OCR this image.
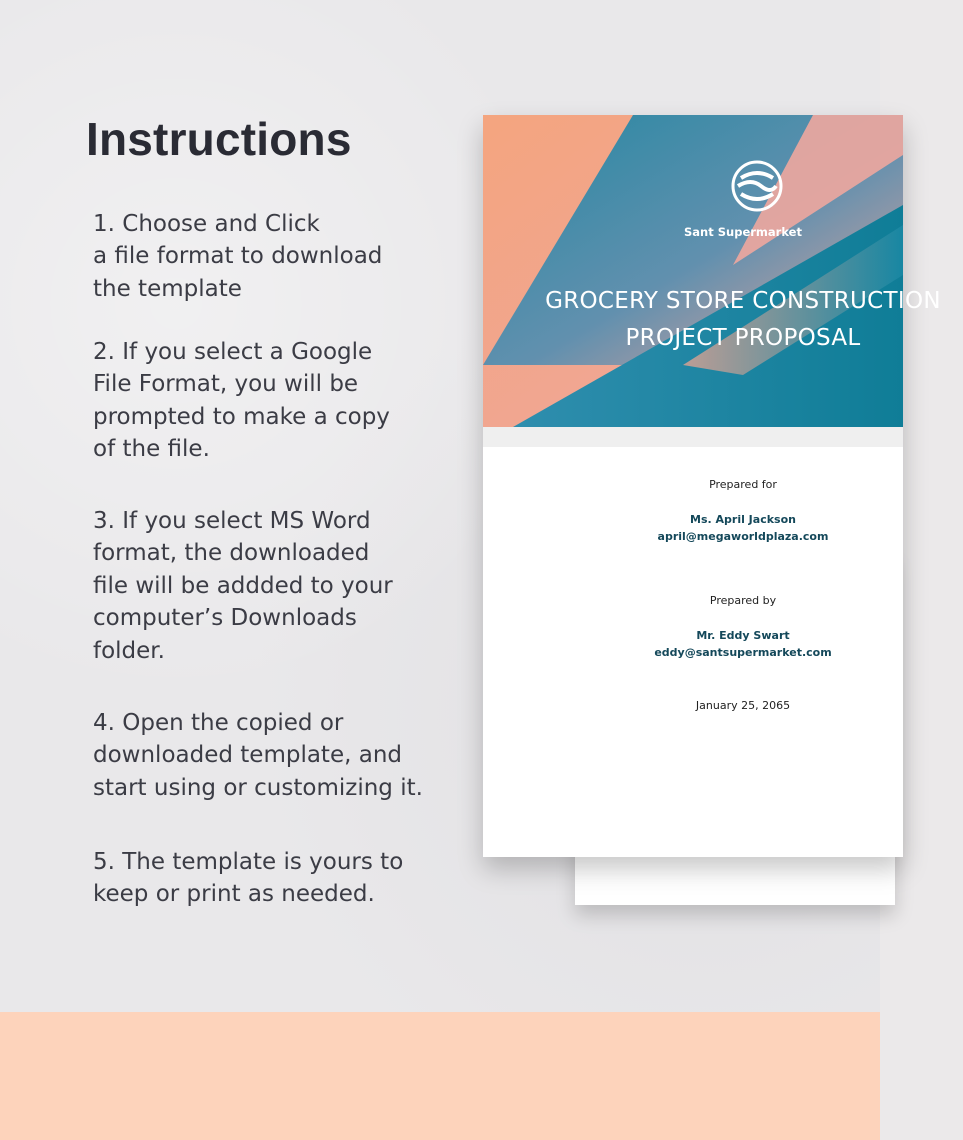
Instructions
1. Choose and Click
a file format to download
the template
2. If you select a Google
File Format, you will be
prompted to make a copy
of the file.
3. If you select MS Word
format, the downloaded
file will be addded to your
computer’s Downloads
folder.
4. Open the copied or
downloaded template, and
start using or customizing it.
5. The template is yours to
keep or print as needed.
Sant Supermarket
GROCERY STORE CONSTRUCTION
PROJECT PROPOSAL
Prepared for
Ms. April Jackson
april@megaworldplaza.com
Prepared by
Mr. Eddy Swart
eddy@santsupermarket.com
January 25, 2065
